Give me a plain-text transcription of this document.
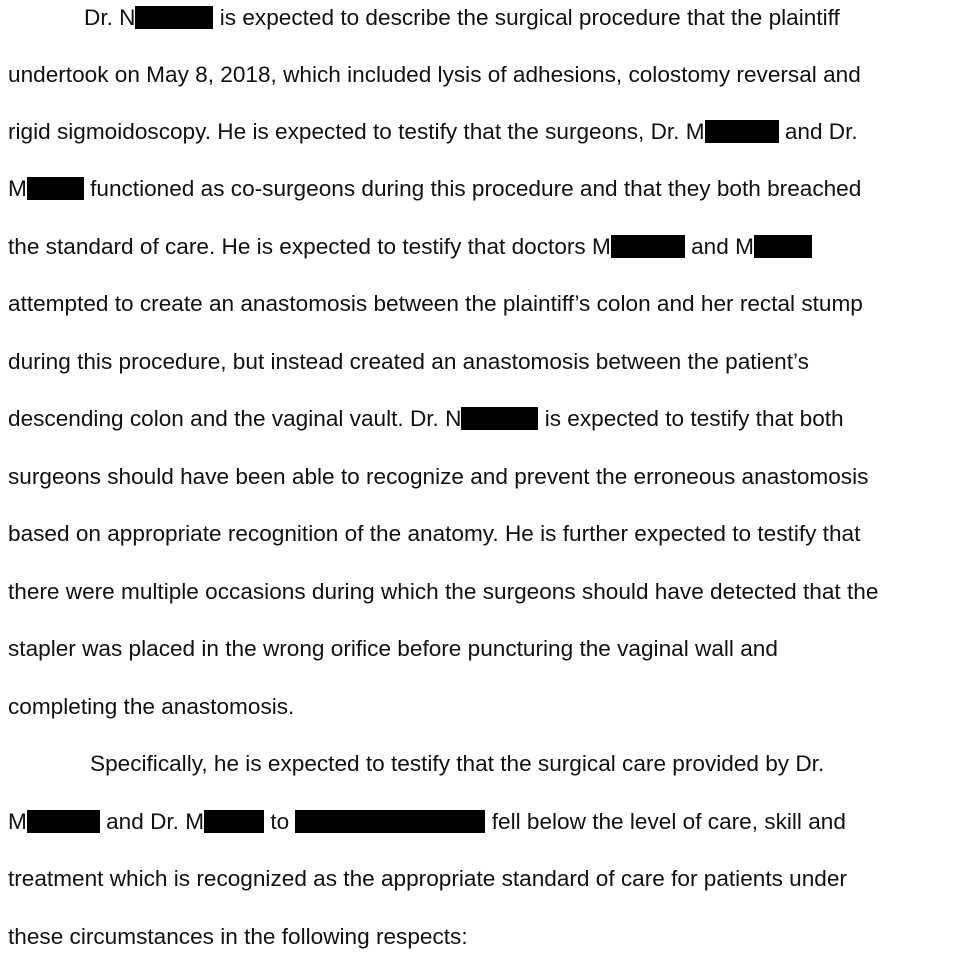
Dr. N	is expected to describe the surgical procedure that the plaintiff
undertook on May 8, 2018, which included lysis of adhesions, colostomy reversal and
rigid sigmoidoscopy. He is expected to testify that the surgeons, Dr. M	and Dr.
M	functioned as co-surgeons during this procedure and that they both breached
the standard of care. He is expected to testify that doctors M	and M
attempted to create an anastomosis between the plaintiff’s colon and her rectal stump
during this procedure, but instead created an anastomosis between the patient’s
descending colon and the vaginal vault. Dr. N	is expected to testify that both
surgeons should have been able to recognize and prevent the erroneous anastomosis
based on appropriate recognition of the anatomy. He is further expected to testify that
there were multiple occasions during which the surgeons should have detected that the
stapler was placed in the wrong orifice before puncturing the vaginal wall and
completing the anastomosis.
Specifically, he is expected to testify that the surgical care provided by Dr.
M	and Dr. M	to	fell below the level of care, skill and
treatment which is recognized as the appropriate standard of care for patients under
these circumstances in the following respects:
